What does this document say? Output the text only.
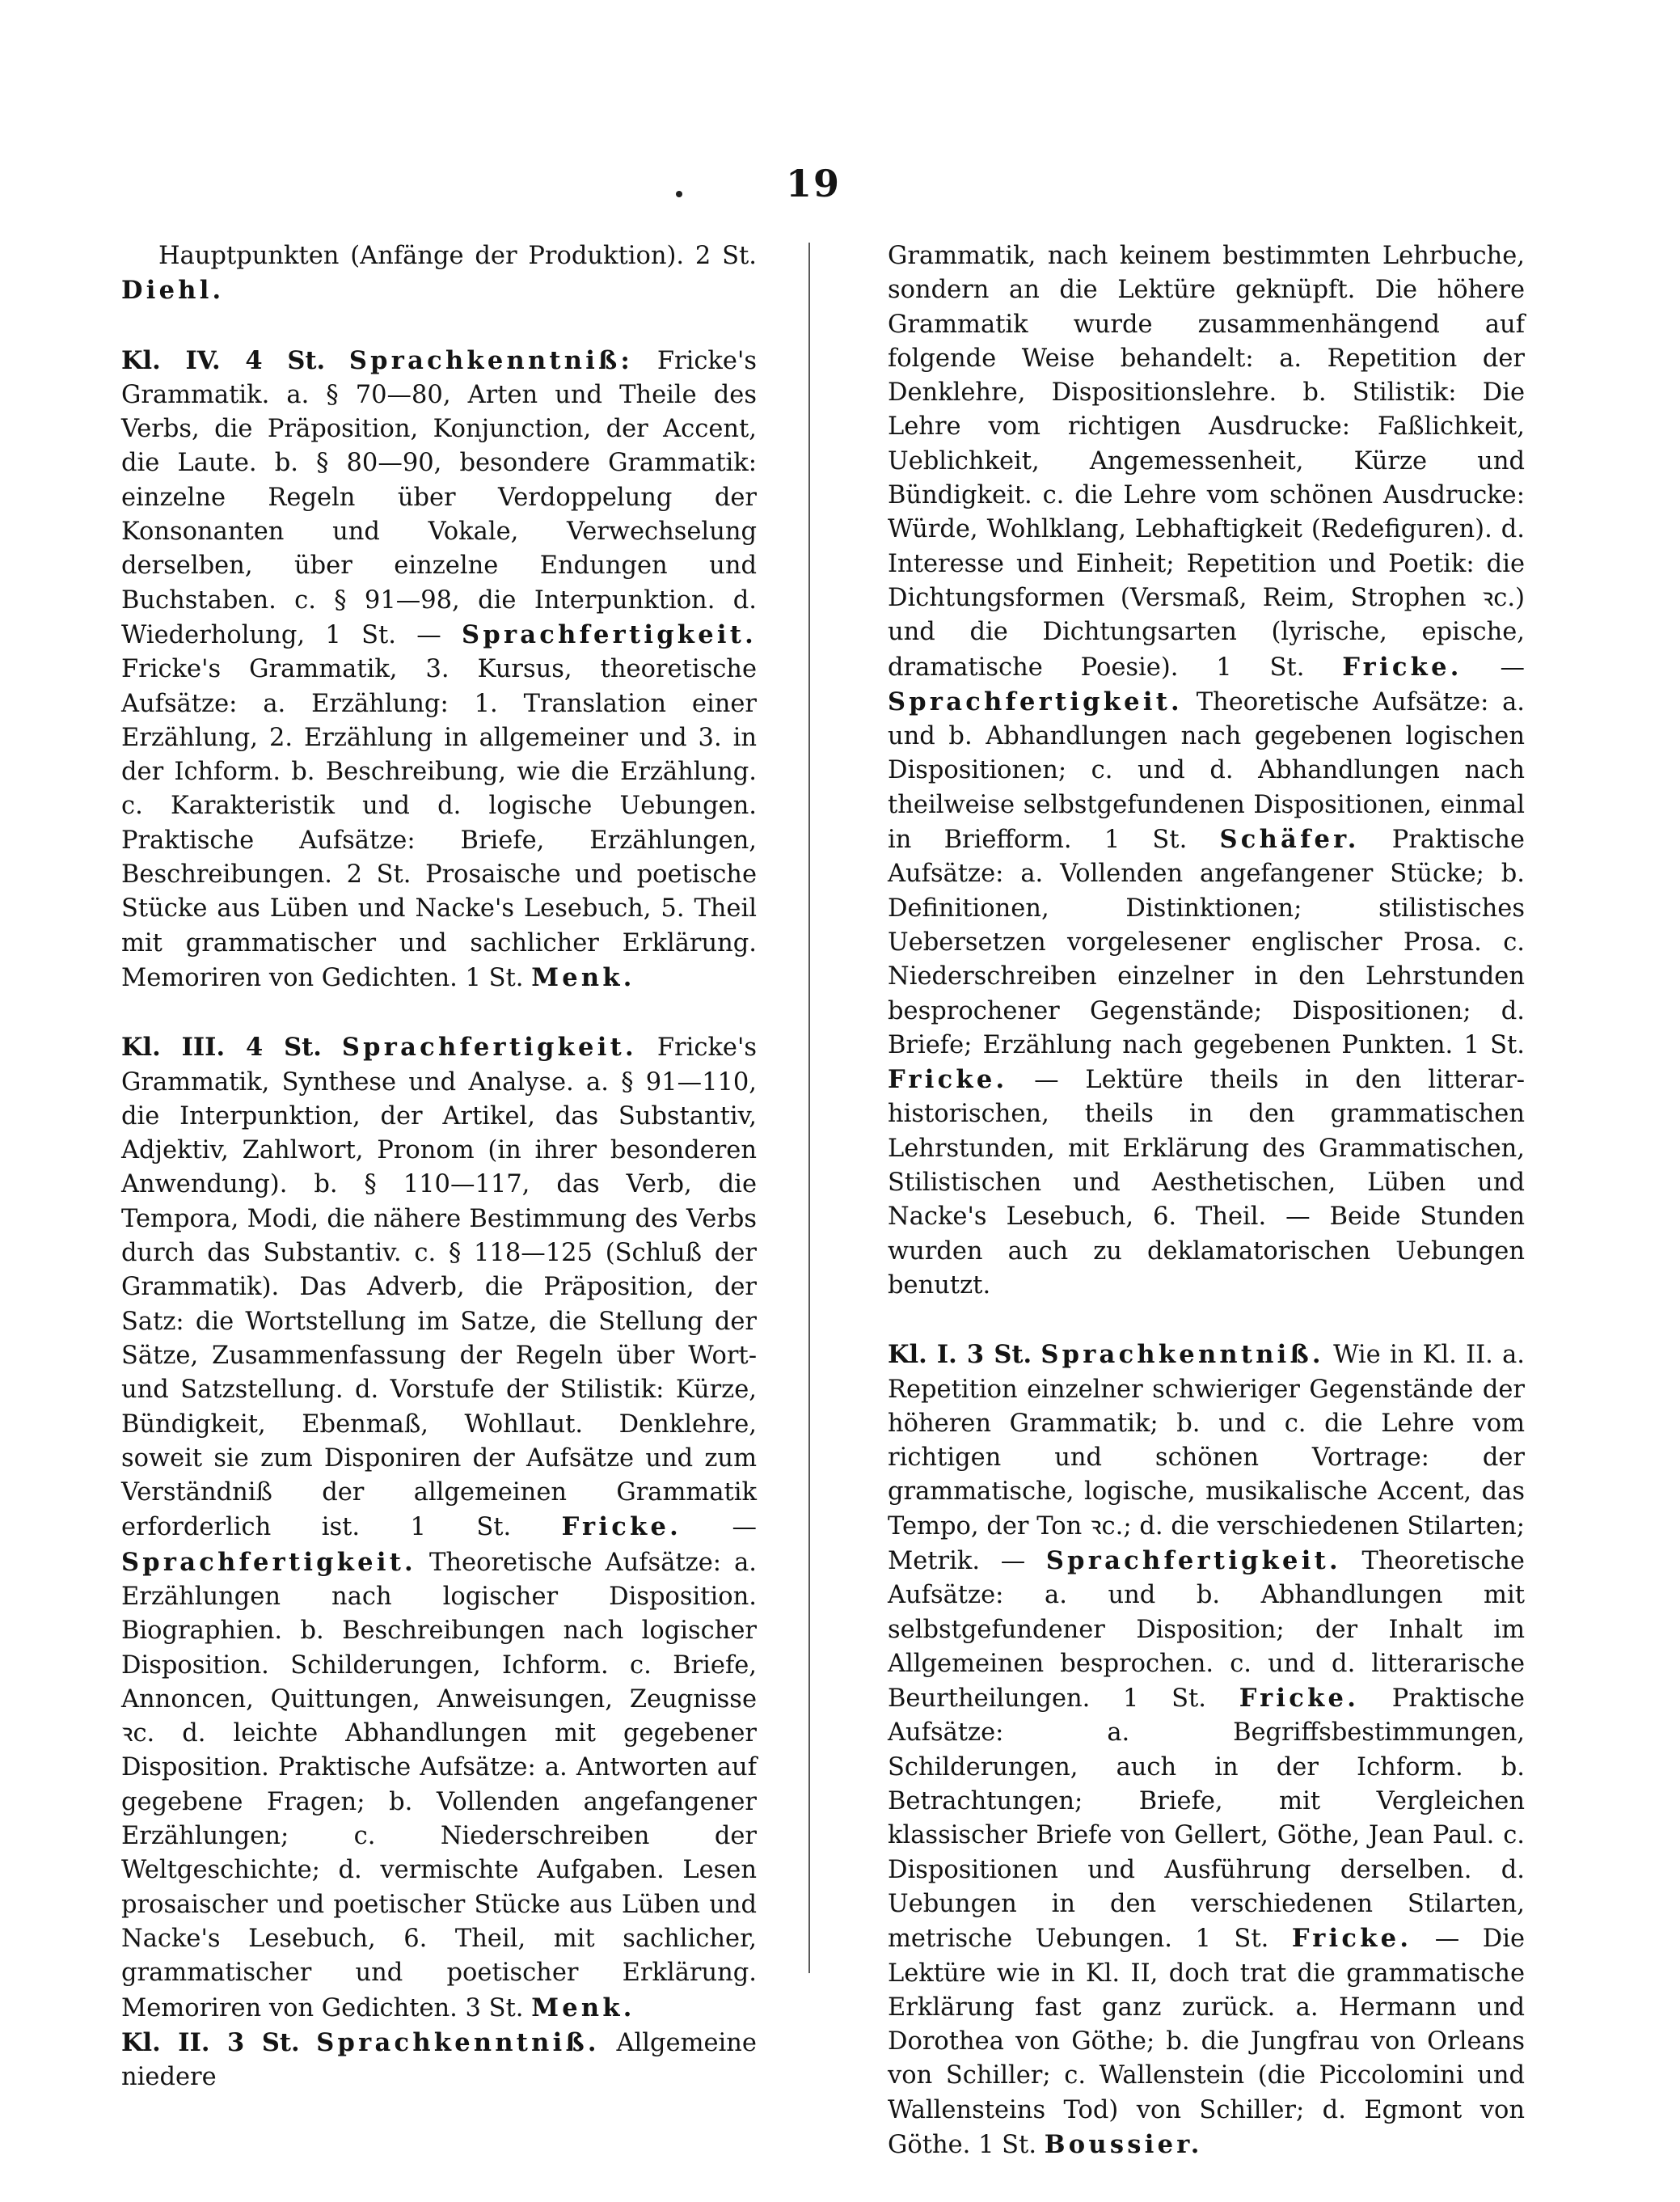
19

Hauptpunkten (Anfänge der Produktion). 2 St. Diehl.

Kl. IV. 4 St. Sprachkenntniß: Fricke's Grammatik. a. § 70—80, Arten und Theile des Verbs, die Präposition, Konjunction, der Accent, die Laute. b. § 80—90, besondere Grammatik: einzelne Regeln über Verdoppelung der Konsonanten und Vokale, Verwechselung derselben, über einzelne Endungen und Buchstaben. c. § 91—98, die Interpunktion. d. Wiederholung, 1 St. — Sprachfertigkeit. Fricke's Grammatik, 3. Kursus, theoretische Aufsätze: a. Erzählung: 1. Translation einer Erzählung, 2. Erzählung in allgemeiner und 3. in der Ichform. b. Beschreibung, wie die Erzählung. c. Karakteristik und d. logische Uebungen. Praktische Aufsätze: Briefe, Erzählungen, Beschreibungen. 2 St. Prosaische und poetische Stücke aus Lüben und Nacke's Lesebuch, 5. Theil mit grammatischer und sachlicher Erklärung. Memoriren von Gedichten. 1 St. Menk.

Kl. III. 4 St. Sprachfertigkeit. Fricke's Grammatik, Synthese und Analyse. a. § 91—110, die Interpunktion, der Artikel, das Substantiv, Adjektiv, Zahlwort, Pronom (in ihrer besonderen Anwendung). b. § 110—117, das Verb, die Tempora, Modi, die nähere Bestimmung des Verbs durch das Substantiv. c. § 118—125 (Schluß der Grammatik). Das Adverb, die Präposition, der Satz: die Wortstellung im Satze, die Stellung der Sätze, Zusammenfassung der Regeln über Wort- und Satzstellung. d. Vorstufe der Stilistik: Kürze, Bündigkeit, Ebenmaß, Wohllaut. Denklehre, soweit sie zum Disponiren der Aufsätze und zum Verständniß der allgemeinen Grammatik erforderlich ist. 1 St. Fricke. — Sprachfertigkeit. Theoretische Aufsätze: a. Erzählungen nach logischer Disposition. Biographien. b. Beschreibungen nach logischer Disposition. Schilderungen, Ichform. c. Briefe, Annoncen, Quittungen, Anweisungen, Zeugnisse ꝛc. d. leichte Abhandlungen mit gegebener Disposition. Praktische Aufsätze: a. Antworten auf gegebene Fragen; b. Vollenden angefangener Erzählungen; c. Niederschreiben der Weltgeschichte; d. vermischte Aufgaben. Lesen prosaischer und poetischer Stücke aus Lüben und Nacke's Lesebuch, 6. Theil, mit sachlicher, grammatischer und poetischer Erklärung. Memoriren von Gedichten. 3 St. Menk.

Kl. II. 3 St. Sprachkenntniß. Allgemeine niedere

Grammatik, nach keinem bestimmten Lehrbuche, sondern an die Lektüre geknüpft. Die höhere Grammatik wurde zusammenhängend auf folgende Weise behandelt: a. Repetition der Denklehre, Dispositionslehre. b. Stilistik: Die Lehre vom richtigen Ausdrucke: Faßlichkeit, Ueblichkeit, Angemessenheit, Kürze und Bündigkeit. c. die Lehre vom schönen Ausdrucke: Würde, Wohlklang, Lebhaftigkeit (Redefiguren). d. Interesse und Einheit; Repetition und Poetik: die Dichtungsformen (Versmaß, Reim, Strophen ꝛc.) und die Dichtungsarten (lyrische, epische, dramatische Poesie). 1 St. Fricke. — Sprachfertigkeit. Theoretische Aufsätze: a. und b. Abhandlungen nach gegebenen logischen Dispositionen; c. und d. Abhandlungen nach theilweise selbstgefundenen Dispositionen, einmal in Briefform. 1 St. Schäfer. Praktische Aufsätze: a. Vollenden angefangener Stücke; b. Definitionen, Distinktionen; stilistisches Uebersetzen vorgelesener englischer Prosa. c. Niederschreiben einzelner in den Lehrstunden besprochener Gegenstände; Dispositionen; d. Briefe; Erzählung nach gegebenen Punkten. 1 St. Fricke. — Lektüre theils in den litterar-historischen, theils in den grammatischen Lehrstunden, mit Erklärung des Grammatischen, Stilistischen und Aesthetischen, Lüben und Nacke's Lesebuch, 6. Theil. — Beide Stunden wurden auch zu deklamatorischen Uebungen benutzt.

Kl. I. 3 St. Sprachkenntniß. Wie in Kl. II. a. Repetition einzelner schwieriger Gegenstände der höheren Grammatik; b. und c. die Lehre vom richtigen und schönen Vortrage: der grammatische, logische, musikalische Accent, das Tempo, der Ton ꝛc.; d. die verschiedenen Stilarten; Metrik. — Sprachfertigkeit. Theoretische Aufsätze: a. und b. Abhandlungen mit selbstgefundener Disposition; der Inhalt im Allgemeinen besprochen. c. und d. litterarische Beurtheilungen. 1 St. Fricke. Praktische Aufsätze: a. Begriffsbestimmungen, Schilderungen, auch in der Ichform. b. Betrachtungen; Briefe, mit Vergleichen klassischer Briefe von Gellert, Göthe, Jean Paul. c. Dispositionen und Ausführung derselben. d. Uebungen in den verschiedenen Stilarten, metrische Uebungen. 1 St. Fricke. — Die Lektüre wie in Kl. II, doch trat die grammatische Erklärung fast ganz zurück. a. Hermann und Dorothea von Göthe; b. die Jungfrau von Orleans von Schiller; c. Wallenstein (die Piccolomini und Wallensteins Tod) von Schiller; d. Egmont von Göthe. 1 St. Boussier.
